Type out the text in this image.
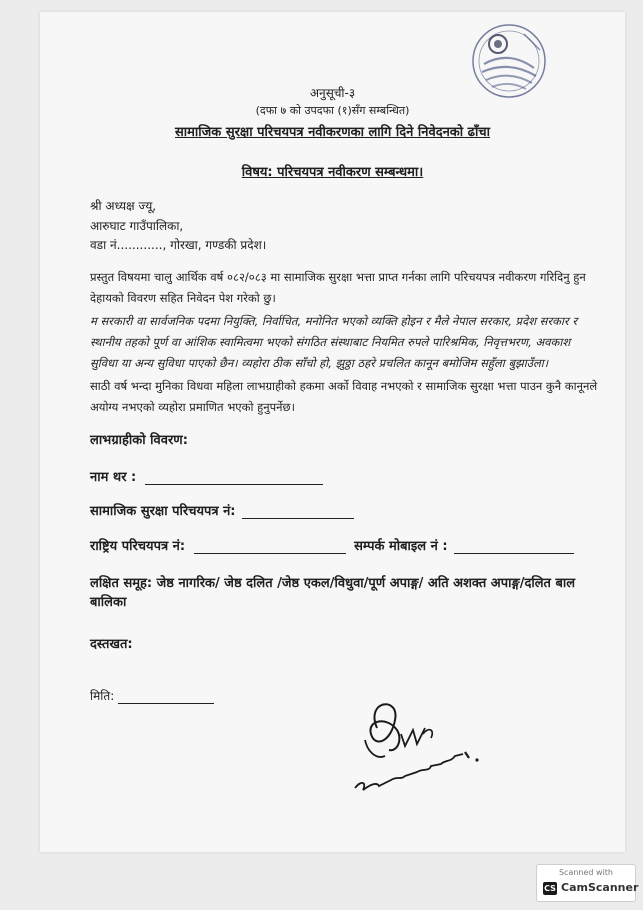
अनुसूची-३
(दफा ७ को उपदफा (१)सँग सम्बन्धित)
सामाजिक सुरक्षा परिचयपत्र नवीकरणका लागि दिने निवेदनको ढाँचा
विषय: परिचयपत्र नवीकरण सम्बन्धमा।
श्री अध्यक्ष ज्यू,
आरुघाट गाउँपालिका,
वडा नं............, गोरखा, गण्डकी प्रदेश।
प्रस्तुत विषयमा चालु आर्थिक वर्ष ०८२/०८३ मा सामाजिक सुरक्षा भत्ता प्राप्त गर्नका लागि परिचयपत्र नवीकरण गरिदिनु हुन देहायको विवरण सहित निवेदन पेश गरेको छु।
म सरकारी वा सार्वजनिक पदमा नियुक्ति, निर्वाचित, मनोनित भएको व्यक्ति होइन र मैले नेपाल सरकार, प्रदेश सरकार र स्थानीय तहको पूर्ण वा आंशिक स्वामित्वमा भएको संगठित संस्थाबाट नियमित रुपले पारिश्रमिक, निवृत्तभरण, अवकाश सुविधा या अन्य सुविधा पाएको छैन। व्यहोरा ठीक साँचो हो, झुठ्ठा ठहरे प्रचलित कानून बमोजिम सहुँला बुझाउँला।
साठी वर्ष भन्दा मुनिका विधवा महिला लाभग्राहीको हकमा अर्को विवाह नभएको र सामाजिक सुरक्षा भत्ता पाउन कुनै कानूनले अयोग्य नभएको व्यहोरा प्रमाणित भएको हुनुपर्नेछ।
लाभग्राहीको विवरण:
नाम थर :
सामाजिक सुरक्षा परिचयपत्र नं:
राष्ट्रिय परिचयपत्र नं:	सम्पर्क मोबाइल नं :
लक्षित समूह: जेष्ठ नागरिक/ जेष्ठ दलित /जेष्ठ एकल/विधुवा/पूर्ण अपाङ्ग/ अति अशक्त अपाङ्ग/दलित बाल
बालिका
दस्तखत:
मिति:
Scanned with
CS CamScanner
